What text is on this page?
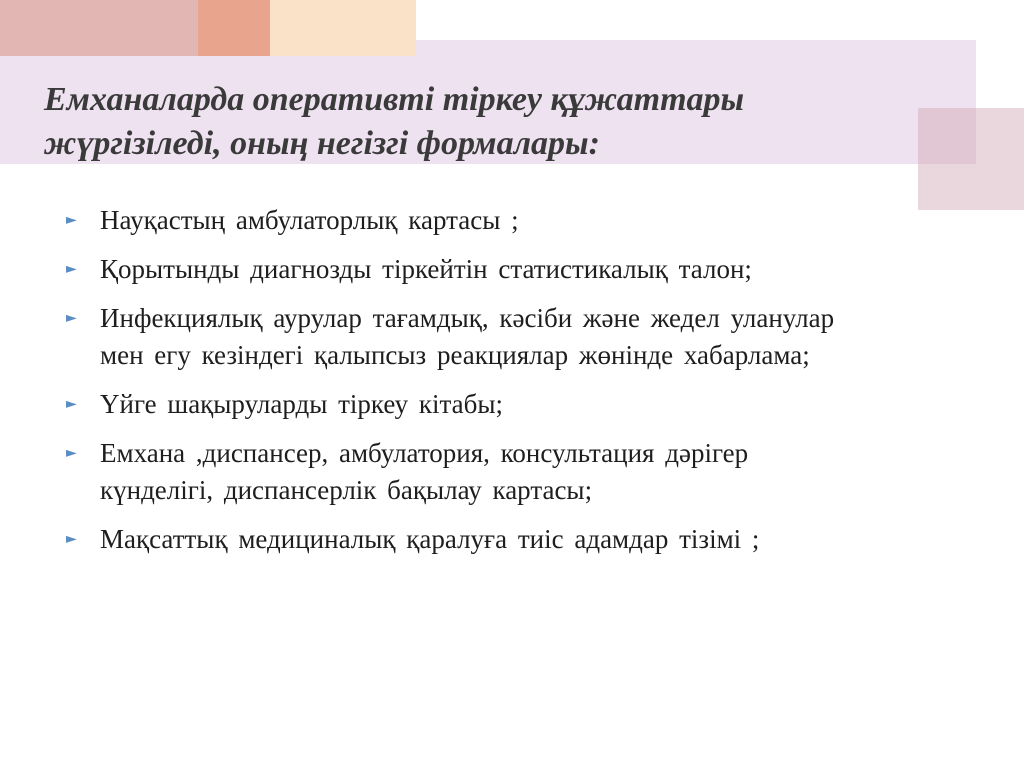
Емханаларда оперативті тіркеу құжаттары
жүргізіледі, оның негізгі формалары:
► Науқастың амбулаторлық картасы ;
► Қорытынды диагнозды тіркейтін статистикалық талон;
► Инфекциялық аурулар тағамдық, кәсіби және жедел уланулар
мен егу кезіндегі қалыпсыз реакциялар жөнінде хабарлама;
► Үйге шақыруларды тіркеу кітабы;
► Емхана ,диспансер, амбулатория, консультация дәрігер
күнделігі, диспансерлік бақылау картасы;
► Мақсаттық медициналық қаралуға тиіс адамдар тізімі ;
